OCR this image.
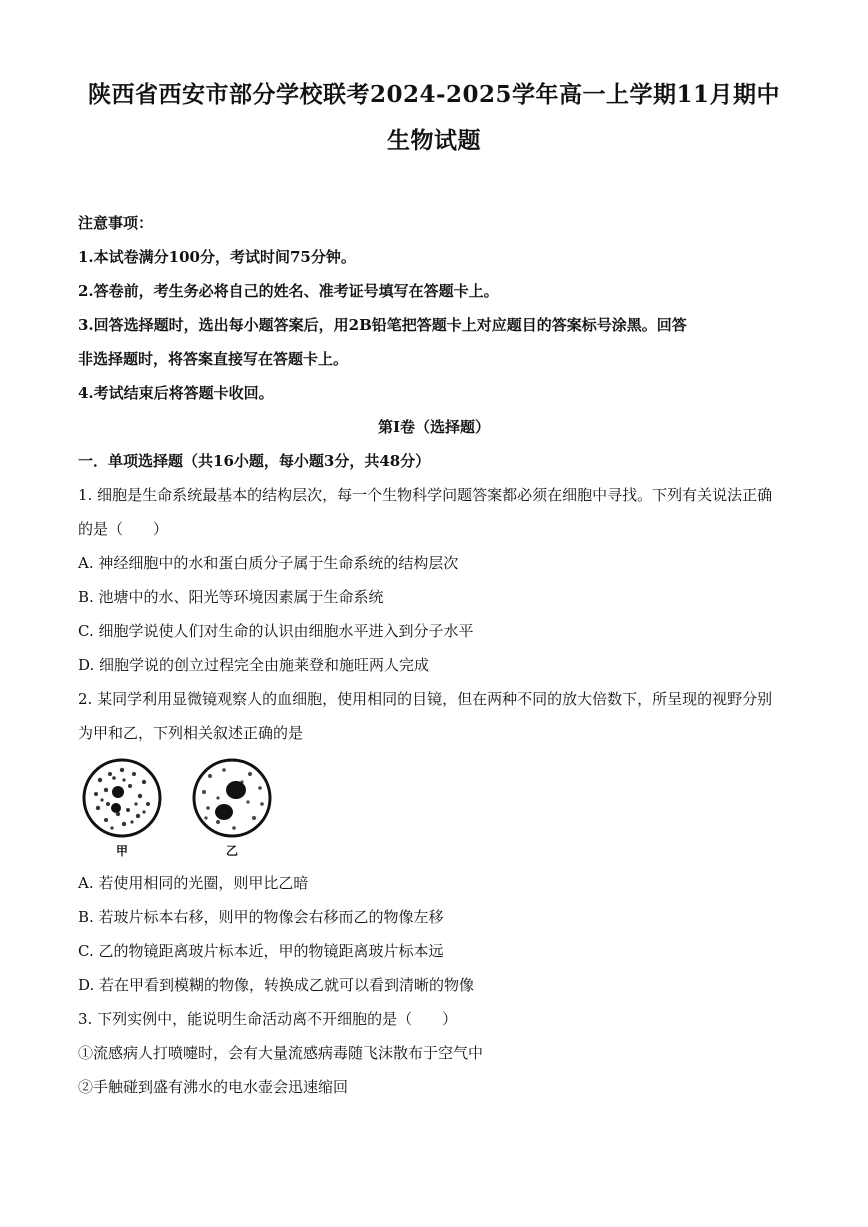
陕西省西安市部分学校联考2024-2025学年高一上学期11月期中
生物试题
注意事项：
1.本试卷满分100分，考试时间75分钟。
2.答卷前，考生务必将自己的姓名、准考证号填写在答题卡上。
3.回答选择题时，选出每小题答案后，用2B铅笔把答题卡上对应题目的答案标号涂黑。回答
非选择题时，将答案直接写在答题卡上。
4.考试结束后将答题卡收回。
第Ⅰ卷（选择题）
一．单项选择题（共16小题，每小题3分，共48分）
1. 细胞是生命系统最基本的结构层次，每一个生物科学问题答案都必须在细胞中寻找。下列有关说法正确
的是（　　）
A. 神经细胞中的水和蛋白质分子属于生命系统的结构层次
B. 池塘中的水、阳光等环境因素属于生命系统
C. 细胞学说使人们对生命的认识由细胞水平进入到分子水平
D. 细胞学说的创立过程完全由施莱登和施旺两人完成
2. 某同学利用显微镜观察人的血细胞，使用相同的目镜，但在两种不同的放大倍数下，所呈现的视野分别
为甲和乙，下列相关叙述正确的是
甲	乙
A. 若使用相同的光圈，则甲比乙暗
B. 若玻片标本右移，则甲的物像会右移而乙的物像左移
C. 乙的物镜距离玻片标本近，甲的物镜距离玻片标本远
D. 若在甲看到模糊的物像，转换成乙就可以看到清晰的物像
3. 下列实例中，能说明生命活动离不开细胞的是（　　）
①流感病人打喷嚏时，会有大量流感病毒随飞沫散布于空气中
②手触碰到盛有沸水的电水壶会迅速缩回
